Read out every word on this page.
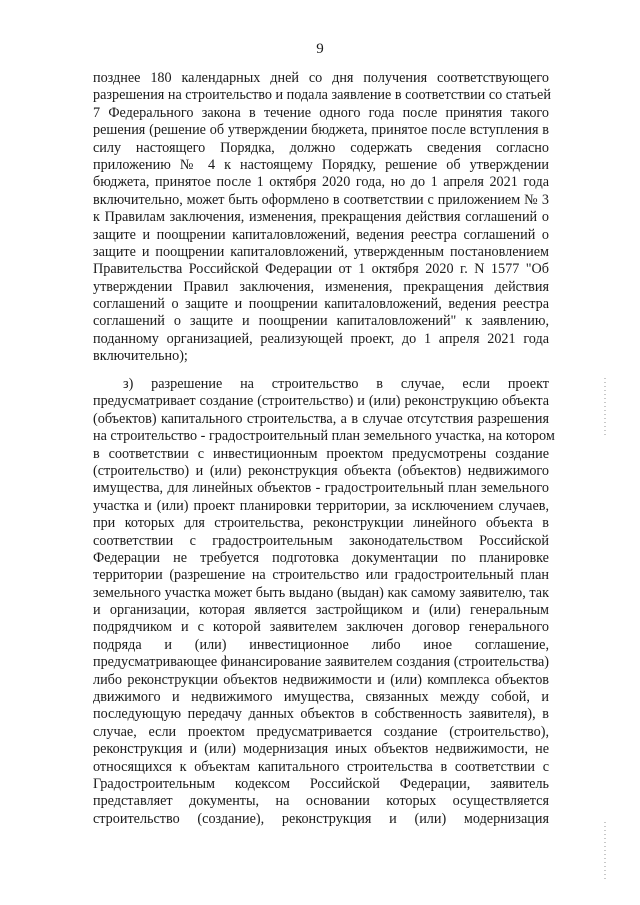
9
позднее 180 календарных дней со дня получения соответствующего
разрешения на строительство и подала заявление в соответствии со статьей
7 Федерального закона в течение одного года после принятия такого
решения (решение об утверждении бюджета, принятое после вступления в
силу настоящего Порядка, должно содержать сведения согласно
приложению № 4 к настоящему Порядку, решение об утверждении
бюджета, принятое после 1 октября 2020 года, но до 1 апреля 2021 года
включительно, может быть оформлено в соответствии с приложением № 3
к Правилам заключения, изменения, прекращения действия соглашений о
защите и поощрении капиталовложений, ведения реестра соглашений о
защите и поощрении капиталовложений, утвержденным постановлением
Правительства Российской Федерации от 1 октября 2020 г. N 1577 "Об
утверждении Правил заключения, изменения, прекращения действия
соглашений о защите и поощрении капиталовложений, ведения реестра
соглашений о защите и поощрении капиталовложений" к заявлению,
поданному организацией, реализующей проект, до 1 апреля 2021 года
включительно);
з) разрешение на строительство в случае, если проект
предусматривает создание (строительство) и (или) реконструкцию объекта
(объектов) капитального строительства, а в случае отсутствия разрешения
на строительство - градостроительный план земельного участка, на котором
в соответствии с инвестиционным проектом предусмотрены создание
(строительство) и (или) реконструкция объекта (объектов) недвижимого
имущества, для линейных объектов - градостроительный план земельного
участка и (или) проект планировки территории, за исключением случаев,
при которых для строительства, реконструкции линейного объекта в
соответствии с градостроительным законодательством Российской
Федерации не требуется подготовка документации по планировке
территории (разрешение на строительство или градостроительный план
земельного участка может быть выдано (выдан) как самому заявителю, так
и организации, которая является застройщиком и (или) генеральным
подрядчиком и с которой заявителем заключен договор генерального
подряда и (или) инвестиционное либо иное соглашение,
предусматривающее финансирование заявителем создания (строительства)
либо реконструкции объектов недвижимости и (или) комплекса объектов
движимого и недвижимого имущества, связанных между собой, и
последующую передачу данных объектов в собственность заявителя), в
случае, если проектом предусматривается создание (строительство),
реконструкция и (или) модернизация иных объектов недвижимости, не
относящихся к объектам капитального строительства в соответствии с
Градостроительным кодексом Российской Федерации, заявитель
представляет документы, на основании которых осуществляется
строительство (создание), реконструкция и (или) модернизация
